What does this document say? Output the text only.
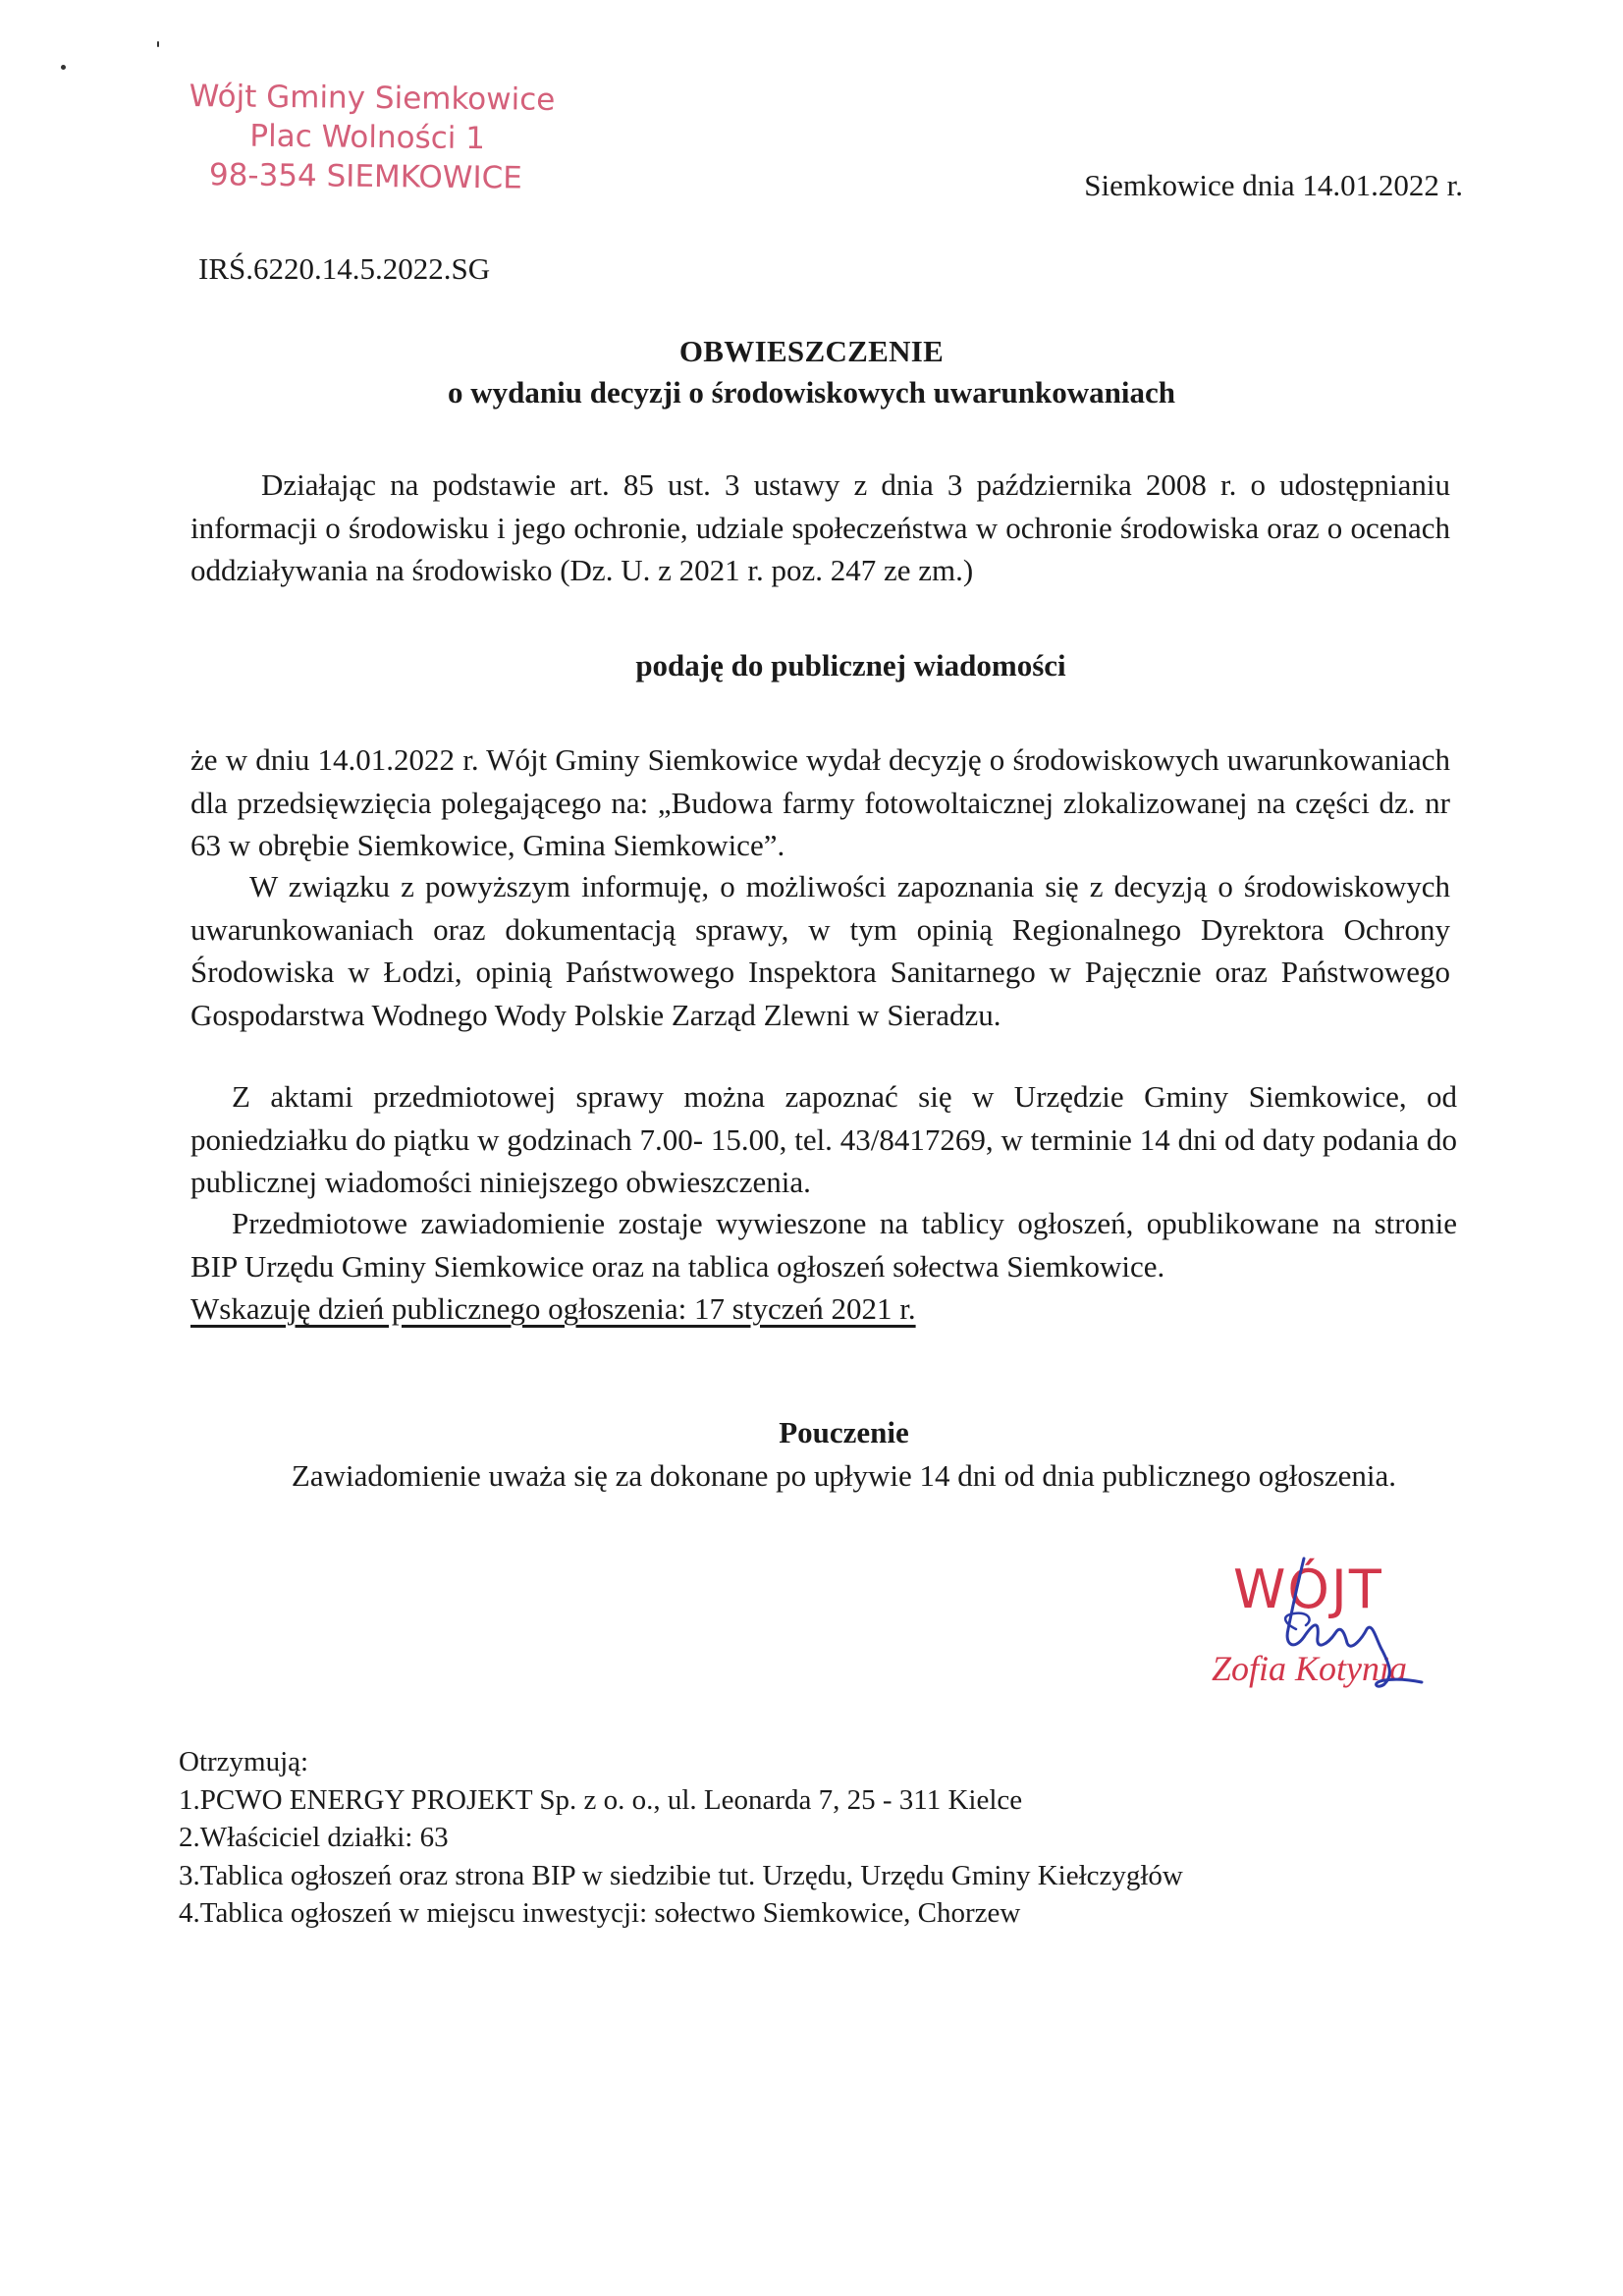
Wójt Gminy Siemkowice
Plac Wolności 1
98-354 SIEMKOWICE	Siemkowice dnia 14.01.2022 r.
IRŚ.6220.14.5.2022.SG
OBWIESZCZENIE
o wydaniu decyzji o środowiskowych uwarunkowaniach

Działając na podstawie art. 85 ust. 3 ustawy z dnia 3 października 2008 r. o udostępnianiu informacji o środowisku i jego ochronie, udziale społeczeństwa w ochronie środowiska oraz o ocenach oddziaływania na środowisko (Dz. U. z 2021 r. poz. 247 ze zm.)

podaję do publicznej wiadomości

że w dniu 14.01.2022 r. Wójt Gminy Siemkowice wydał decyzję o środowiskowych uwarunkowaniach dla przedsięwzięcia polegającego na: „Budowa farmy fotowoltaicznej zlokalizowanej na części dz. nr 63 w obrębie Siemkowice, Gmina Siemkowice”.

W związku z powyższym informuję, o możliwości zapoznania się z decyzją o środowiskowych uwarunkowaniach oraz dokumentacją sprawy, w tym opinią Regionalnego Dyrektora Ochrony Środowiska w Łodzi, opinią Państwowego Inspektora Sanitarnego w Pajęcznie oraz Państwowego Gospodarstwa Wodnego Wody Polskie Zarząd Zlewni w Sieradzu.

Z aktami przedmiotowej sprawy można zapoznać się w Urzędzie Gminy Siemkowice, od poniedziałku do piątku w godzinach 7.00- 15.00, tel. 43/8417269, w terminie 14 dni od daty podania do publicznej wiadomości niniejszego obwieszczenia.

Przedmiotowe zawiadomienie zostaje wywieszone na tablicy ogłoszeń, opublikowane na stronie BIP Urzędu Gminy Siemkowice oraz na tablica ogłoszeń sołectwa Siemkowice.

Wskazuję dzień publicznego ogłoszenia: 17 styczeń 2021 r.
Pouczenie
Zawiadomienie uważa się za dokonane po upływie 14 dni od dnia publicznego ogłoszenia.
WÓJT
Zofia Kotynia
Otrzymują:
1.PCWO ENERGY PROJEKT Sp. z o. o., ul. Leonarda 7, 25 - 311 Kielce
2.Właściciel działki: 63
3.Tablica ogłoszeń oraz strona BIP w siedzibie tut. Urzędu, Urzędu Gminy Kiełczygłów
4.Tablica ogłoszeń w miejscu inwestycji: sołectwo Siemkowice, Chorzew
